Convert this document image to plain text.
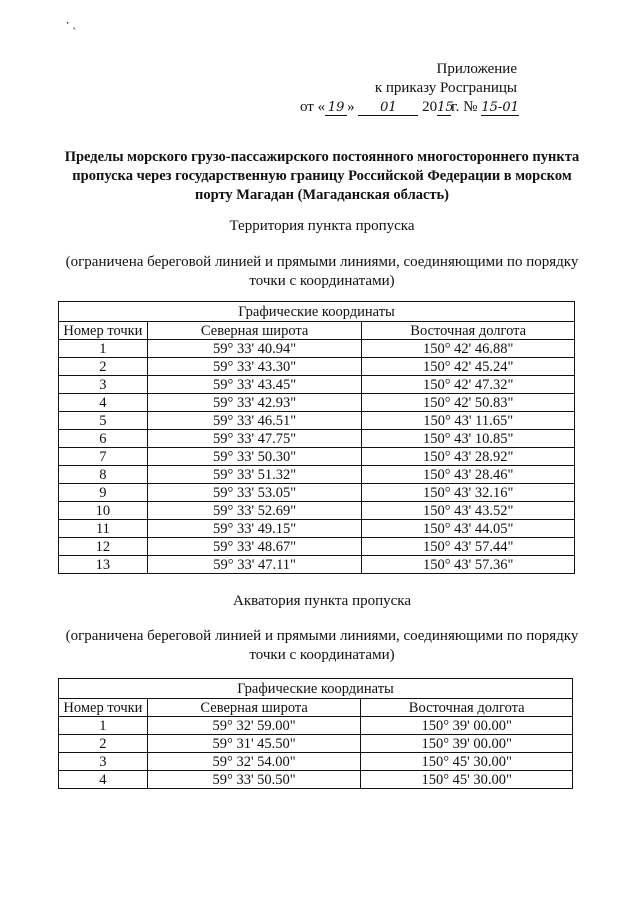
⸱ ˏ
Приложение
к приказу Росграницы
от « 19 » 01 2015г. № 15-01
Пределы морского грузо-пассажирского постоянного многостороннего пункта пропуска через государственную границу Российской Федерации в морском порту Магадан (Магаданская область)
Территория пункта пропуска
(ограничена береговой линией и прямыми линиями, соединяющими по порядку точки с координатами)
Графические координаты		
Номер точки	Северная широта	Восточная долгота
1	59° 33' 40.94"	150° 42' 46.88"
2	59° 33' 43.30"	150° 42' 45.24"
3	59° 33' 43.45"	150° 42' 47.32"
4	59° 33' 42.93"	150° 42' 50.83"
5	59° 33' 46.51"	150° 43' 11.65"
6	59° 33' 47.75"	150° 43' 10.85"
7	59° 33' 50.30"	150° 43' 28.92"
8	59° 33' 51.32"	150° 43' 28.46"
9	59° 33' 53.05"	150° 43' 32.16"
10	59° 33' 52.69"	150° 43' 43.52"
11	59° 33' 49.15"	150° 43' 44.05"
12	59° 33' 48.67"	150° 43' 57.44"
13	59° 33' 47.11"	150° 43' 57.36"
Акватория пункта пропуска
(ограничена береговой линией и прямыми линиями, соединяющими по порядку точки с координатами)
Графические координаты		
Номер точки	Северная широта	Восточная долгота
1	59° 32' 59.00"	150° 39' 00.00"
2	59° 31' 45.50"	150° 39' 00.00"
3	59° 32' 54.00"	150° 45' 30.00"
4	59° 33' 50.50"	150° 45' 30.00"
